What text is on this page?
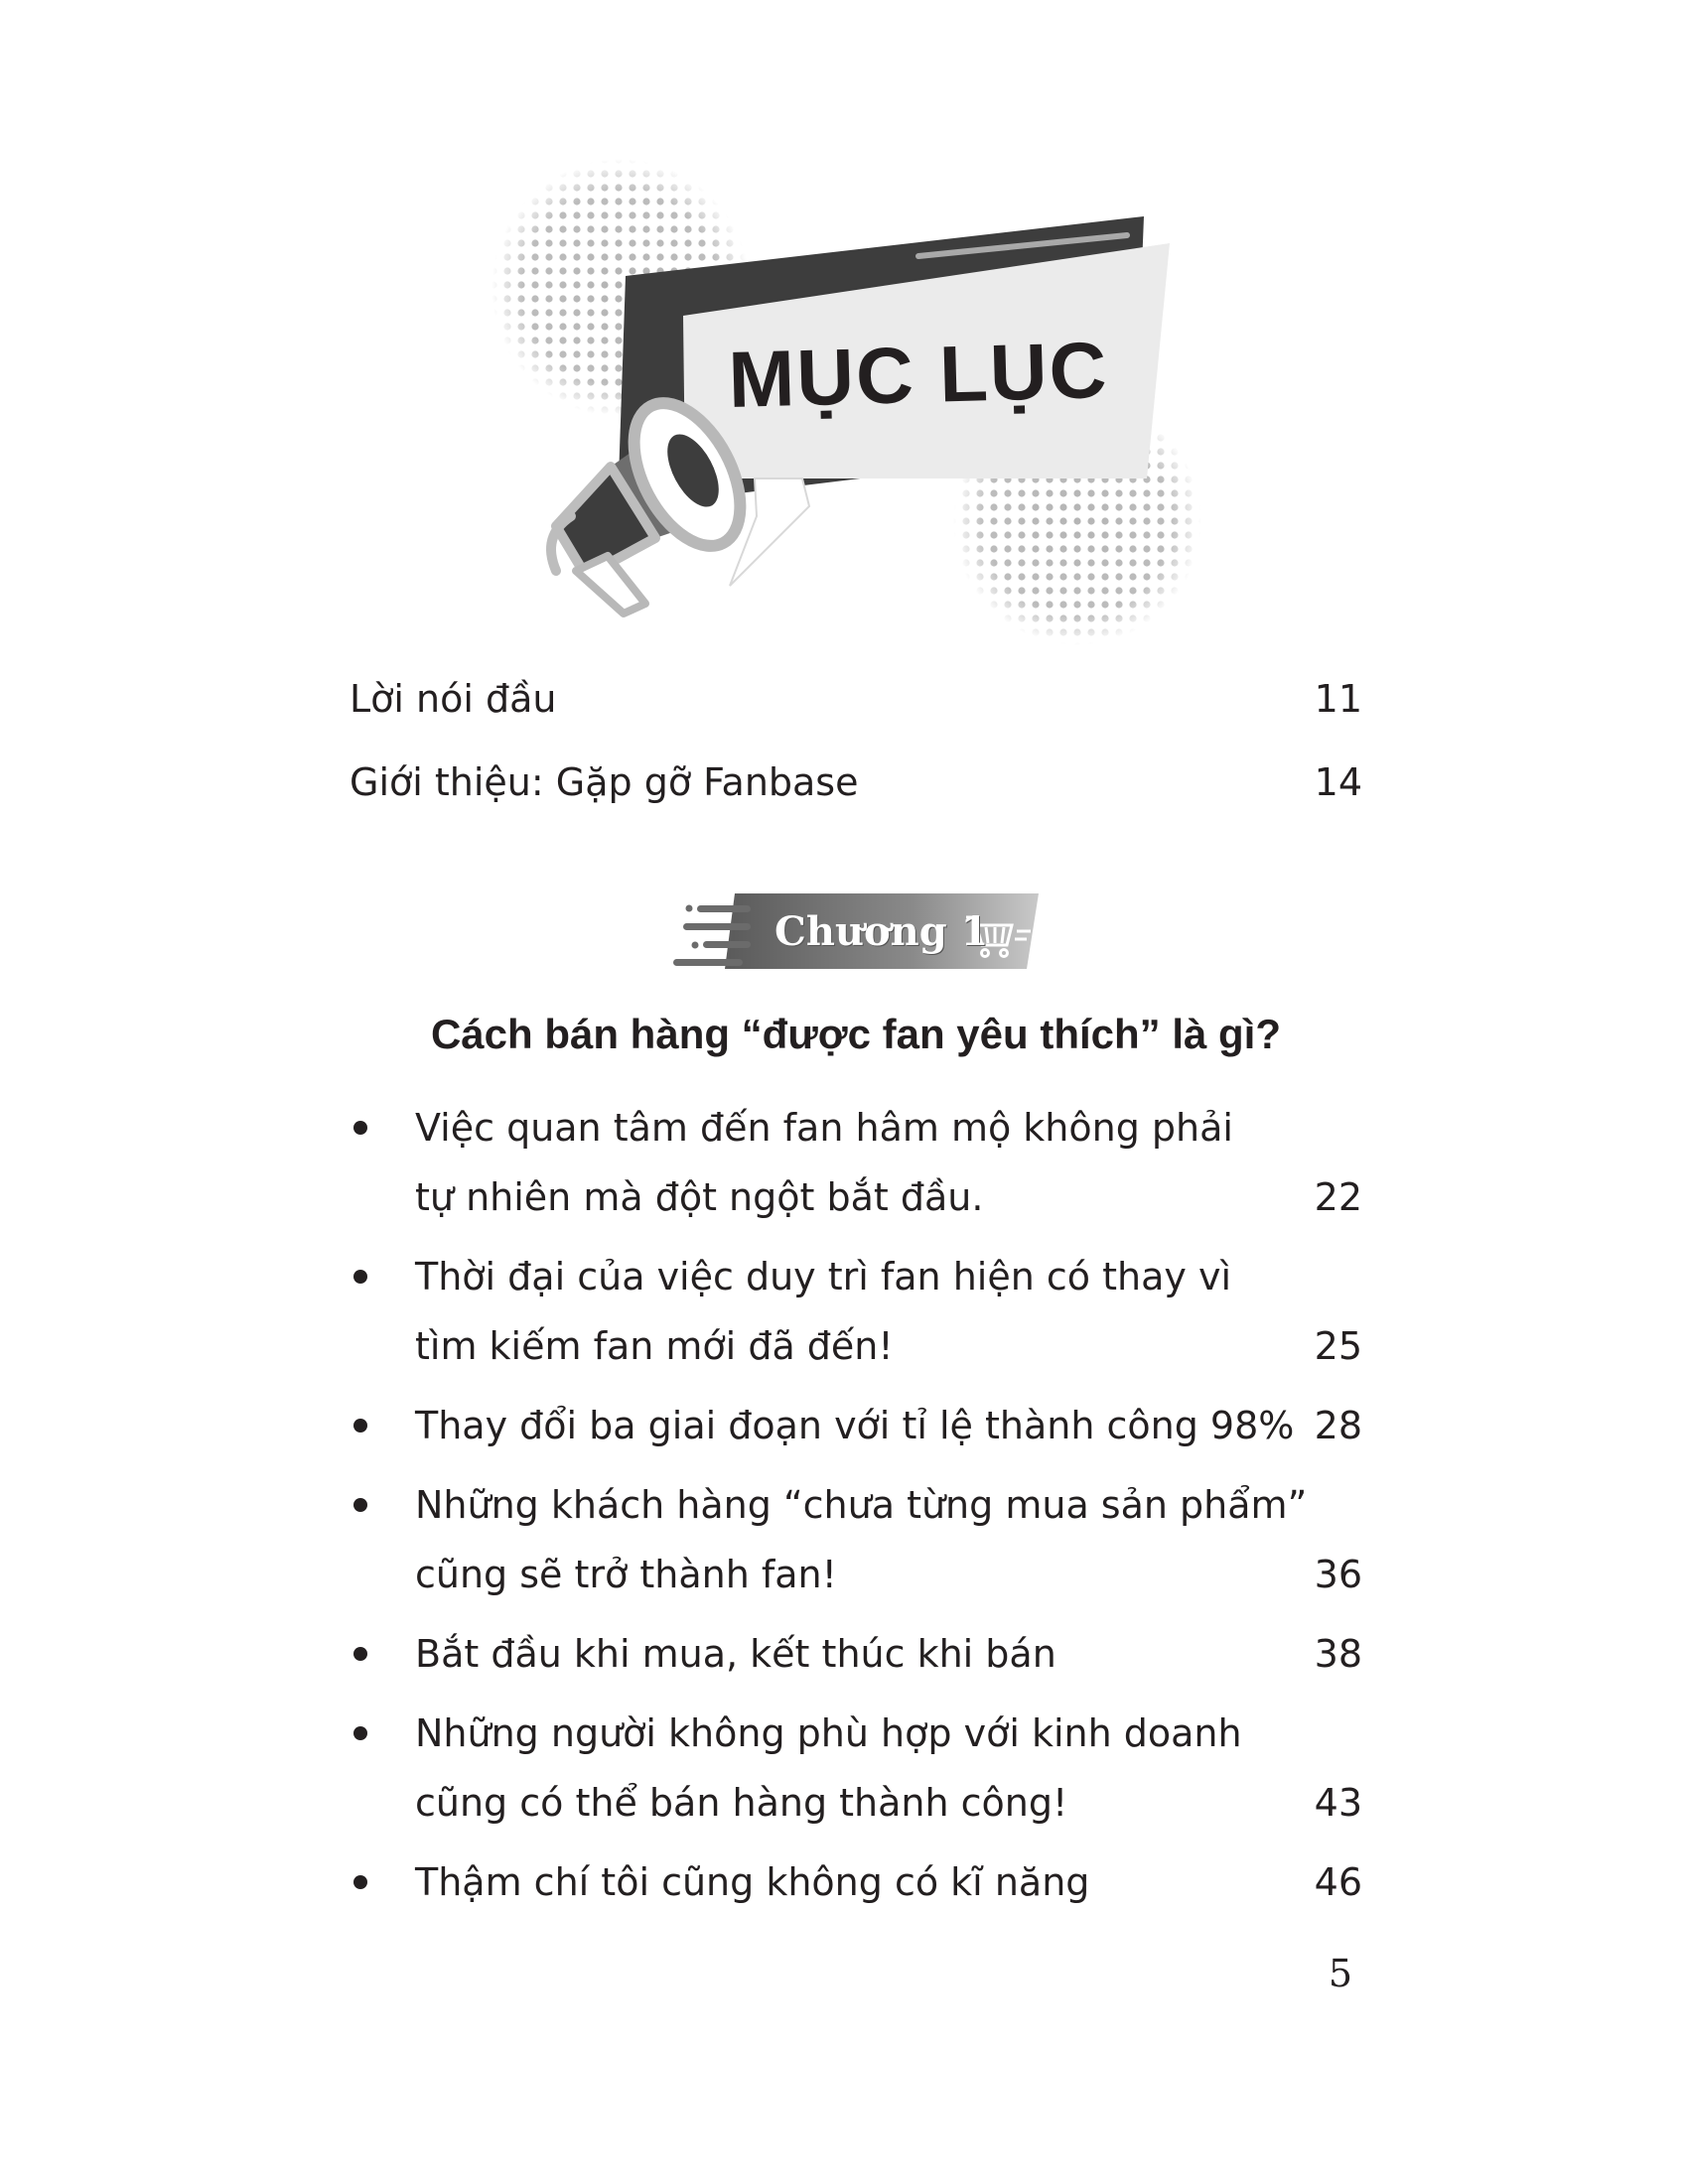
MỤC LỤC
Lời nói đầu	11
Giới thiệu: Gặp gỡ Fanbase	14
Chương 1
Cách bán hàng “được fan yêu thích” là gì?
Việc quan tâm đến fan hâm mộ không phải
tự nhiên mà đột ngột bắt đầu.	22
Thời đại của việc duy trì fan hiện có thay vì
tìm kiếm fan mới đã đến!	25
Thay đổi ba giai đoạn với tỉ lệ thành công 98% 28
Những khách hàng “chưa từng mua sản phẩm”
cũng sẽ trở thành fan!	36
Bắt đầu khi mua, kết thúc khi bán	38
Những người không phù hợp với kinh doanh
cũng có thể bán hàng thành công!	43
Thậm chí tôi cũng không có kĩ năng	46
5
